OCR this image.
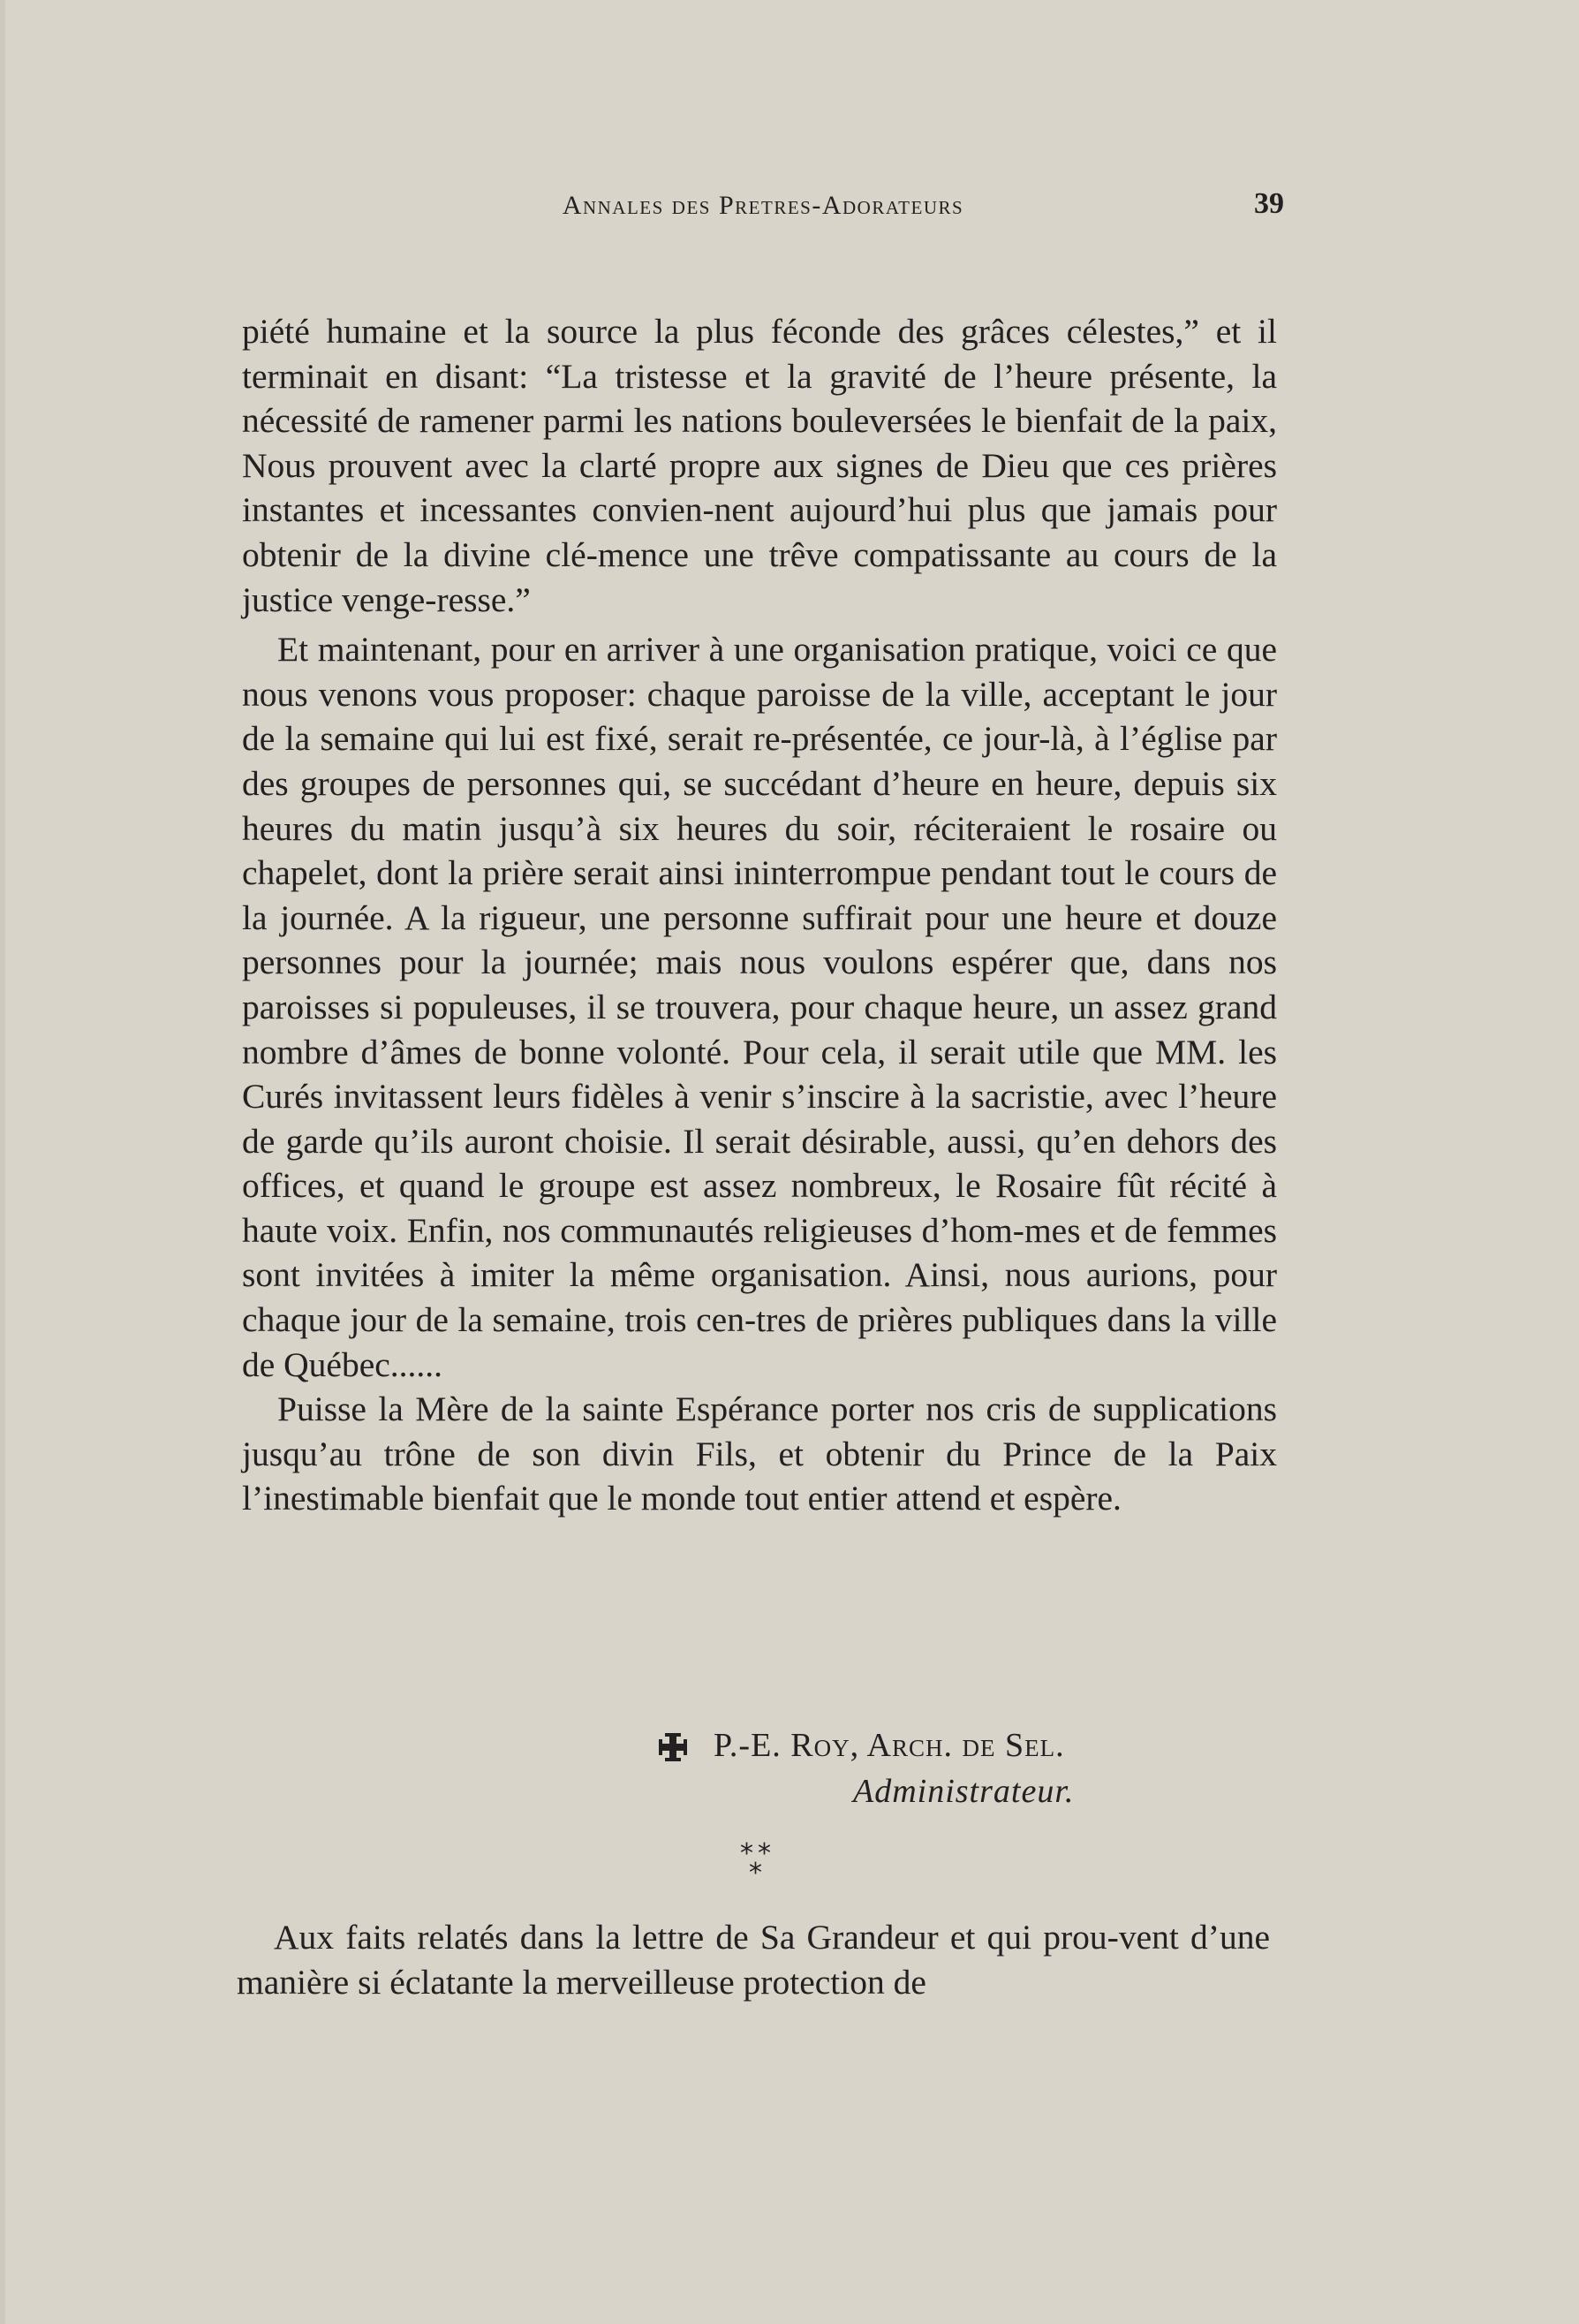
Annales des Pretres-Adorateurs	39

piété humaine et la source la plus féconde des grâces célestes,” et il terminait en disant: “La tristesse et la gravité de l’heure présente, la nécessité de ramener parmi les nations bouleversées le bienfait de la paix, Nous prouvent avec la clarté propre aux signes de Dieu que ces prières instantes et incessantes convien-nent aujourd’hui plus que jamais pour obtenir de la divine clé-mence une trêve compatissante au cours de la justice venge-resse.”

Et maintenant, pour en arriver à une organisation pratique, voici ce que nous venons vous proposer: chaque paroisse de la ville, acceptant le jour de la semaine qui lui est fixé, serait re-présentée, ce jour-là, à l’église par des groupes de personnes qui, se succédant d’heure en heure, depuis six heures du matin jusqu’à six heures du soir, réciteraient le rosaire ou chapelet, dont la prière serait ainsi ininterrompue pendant tout le cours de la journée. A la rigueur, une personne suffirait pour une heure et douze personnes pour la journée; mais nous voulons espérer que, dans nos paroisses si populeuses, il se trouvera, pour chaque heure, un assez grand nombre d’âmes de bonne volonté. Pour cela, il serait utile que MM. les Curés invitassent leurs fidèles à venir s’inscire à la sacristie, avec l’heure de garde qu’ils auront choisie. Il serait désirable, aussi, qu’en dehors des offices, et quand le groupe est assez nombreux, le Rosaire fût récité à haute voix. Enfin, nos communautés religieuses d’hom-mes et de femmes sont invitées à imiter la même organisation. Ainsi, nous aurions, pour chaque jour de la semaine, trois cen-tres de prières publiques dans la ville de Québec......

Puisse la Mère de la sainte Espérance porter nos cris de supplications jusqu’au trône de son divin Fils, et obtenir du Prince de la Paix l’inestimable bienfait que le monde tout entier attend et espère.

P.-E. Roy, Arch. de Sel.
Administrateur.
* *
*

Aux faits relatés dans la lettre de Sa Grandeur et qui prou-vent d’une manière si éclatante la merveilleuse protection de
